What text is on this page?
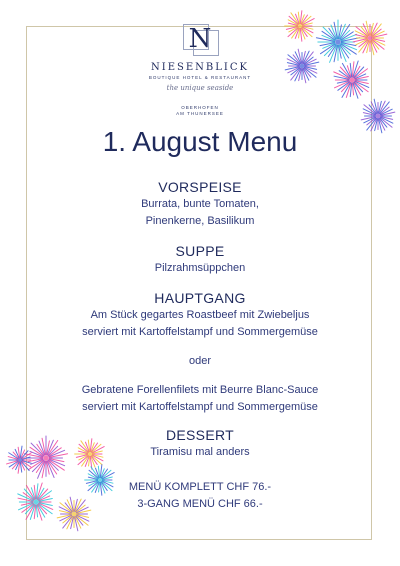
N
NIESENBLICK
BOUTIQUE HOTEL & RESTAURANT
the unique seaside
OBERHOFEN
AM THUNERSEE
1. August Menu
VORSPEISE
Burrata, bunte Tomaten,
Pinenkerne, Basilikum
SUPPE
Pilzrahmsüppchen
HAUPTGANG
Am Stück gegartes Roastbeef mit Zwiebeljus
serviert mit Kartoffelstampf und Sommergemüse
oder
Gebratene Forellenfilets mit Beurre Blanc-Sauce
serviert mit Kartoffelstampf und Sommergemüse
DESSERT
Tiramisu mal anders
MENÜ KOMPLETT CHF 76.-
3-GANG MENÜ CHF 66.-
